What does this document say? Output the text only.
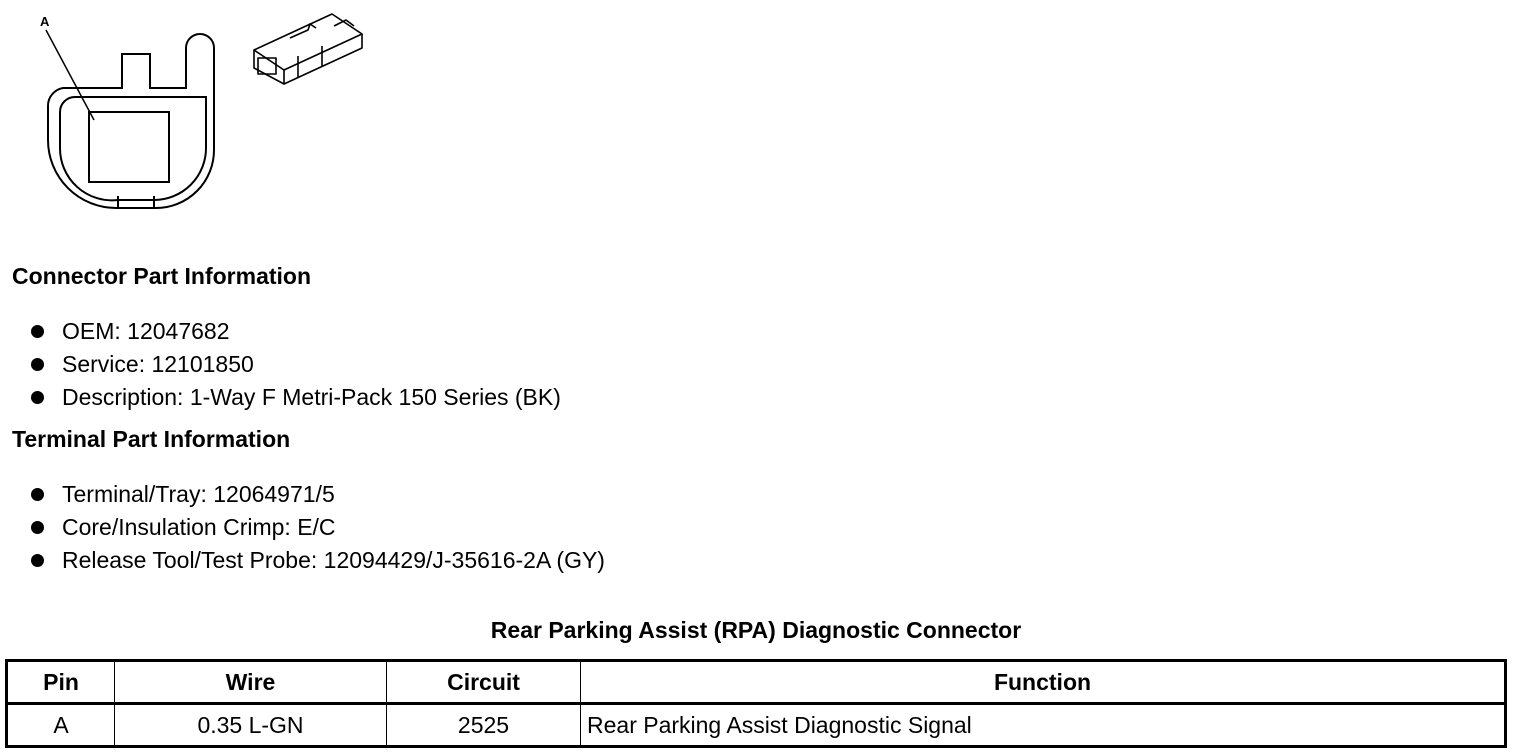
A
Connector Part Information
OEM: 12047682
Service: 12101850
Description: 1-Way F Metri-Pack 150 Series (BK)
Terminal Part Information
Terminal/Tray: 12064971/5
Core/Insulation Crimp: E/C
Release Tool/Test Probe: 12094429/J-35616-2A (GY)
Rear Parking Assist (RPA) Diagnostic Connector
Pin	Wire	Circuit	Function
A	0.35 L-GN	2525	Rear Parking Assist Diagnostic Signal
